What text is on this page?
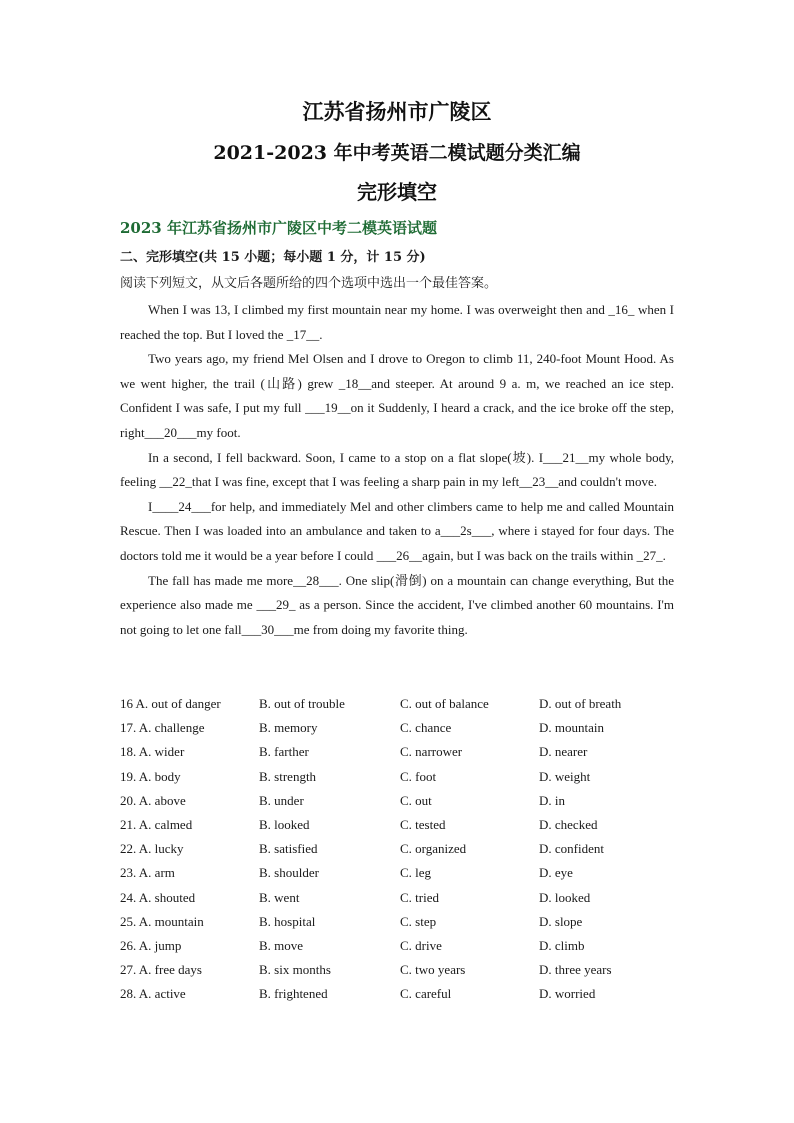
江苏省扬州市广陵区
2021-2023 年中考英语二模试题分类汇编
完形填空
2023 年江苏省扬州市广陵区中考二模英语试题
二、完形填空(共 15 小题；每小题 1 分，计 15 分)
阅读下列短文，从文后各题所给的四个选项中选出一个最佳答案。

When I was 13, I climbed my first mountain near my home. I was overweight then and _16_ when I reached the top. But I loved the _17__.

Two years ago, my friend Mel Olsen and I drove to Oregon to climb 11, 240-foot Mount Hood. As we went higher, the trail (山路) grew _18__and steeper. At around 9 a. m, we reached an ice step. Confident I was safe, I put my full ___19__on it Suddenly, I heard a crack, and the ice broke off the step, right___20___my foot.

In a second, I fell backward. Soon, I came to a stop on a flat slope(坡). I___21__my whole body, feeling __22_that I was fine, except that I was feeling a sharp pain in my left__23__and couldn't move.

I____24___for help, and immediately Mel and other climbers came to help me and called Mountain Rescue. Then I was loaded into an ambulance and taken to a___2s___, where i stayed for four days. The doctors told me it would be a year before I could ___26__again, but I was back on the trails within _27_.

The fall has made me more__28___. One slip(滑倒) on a mountain can change everything, But the experience also made me ___29_ as a person. Since the accident, I've climbed another 60 mountains. I'm not going to let one fall___30___me from doing my favorite thing.

16 A. out of danger	B. out of trouble	C. out of balance	D. out of breath
17. A. challenge	B. memory	C. chance	D. mountain
18. A. wider	B. farther	C. narrower	D. nearer
19. A. body	B. strength	C. foot	D. weight
20. A. above	B. under	C. out	D. in
21. A. calmed	B. looked	C. tested	D. checked
22. A. lucky	B. satisfied	C. organized	D. confident
23. A. arm	B. shoulder	C. leg	D. eye
24. A. shouted	B. went	C. tried	D. looked
25. A. mountain	B. hospital	C. step	D. slope
26. A. jump	B. move	C. drive	D. climb
27. A. free days	B. six months	C. two years	D. three years
28. A. active	B. frightened	C. careful	D. worried
